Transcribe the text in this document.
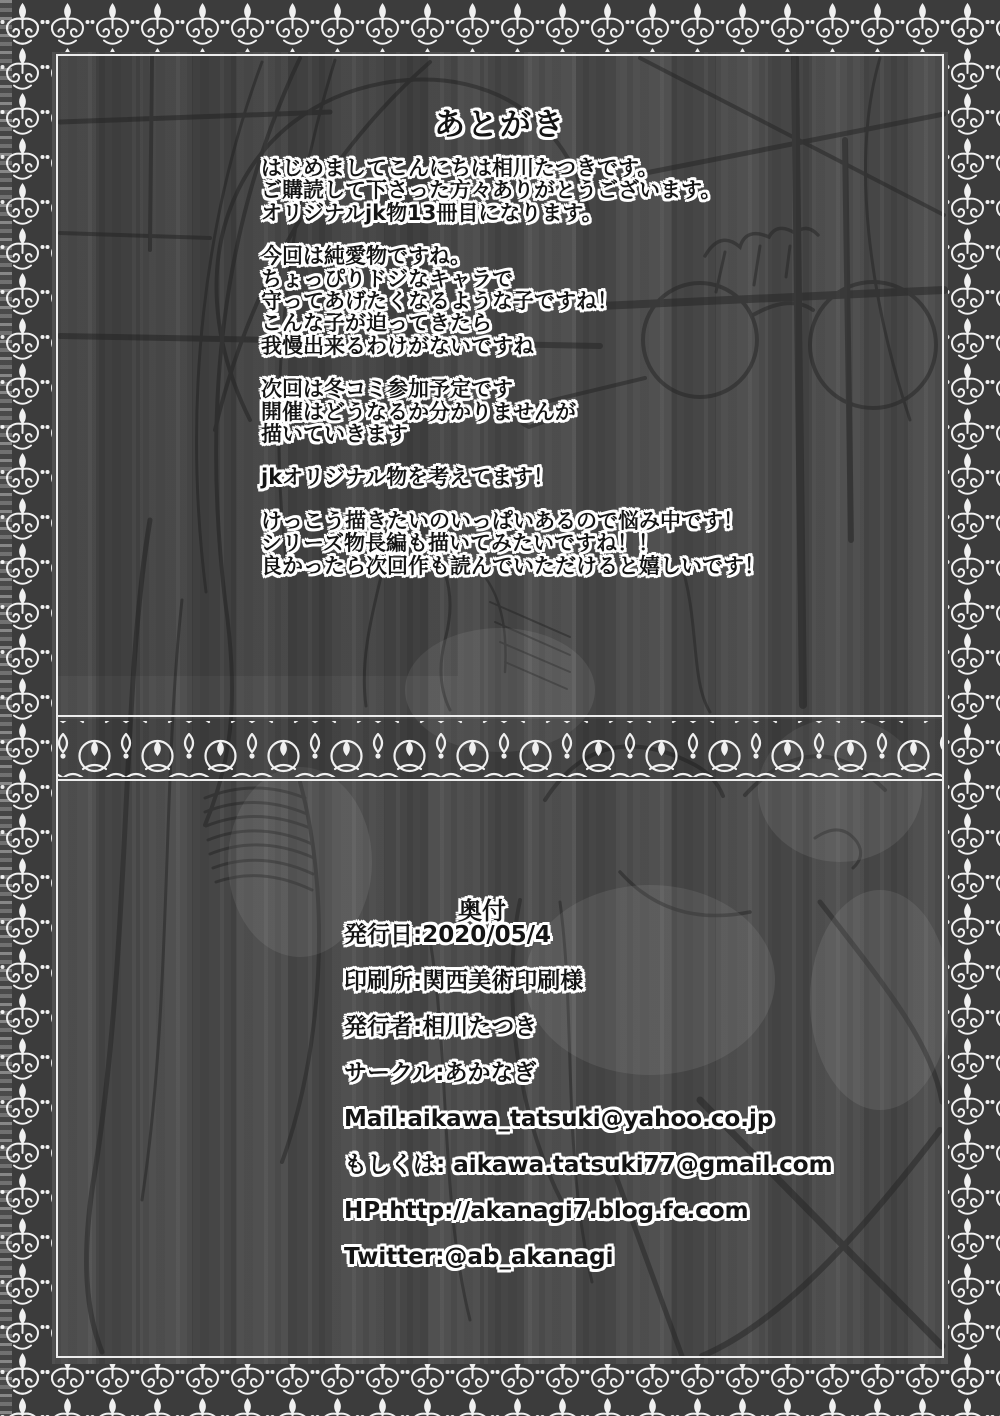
あとがき
はじめましてこんにちは相川たつきです。
ご購読して下さった方々ありがとうございます。
オリジナルjk物13冊目になります。
今回は純愛物ですね。
ちょっぴりドジなキャラで
守ってあげたくなるような子ですね！
こんな子が迫ってきたら
我慢出来るわけがないですね
次回は冬コミ参加予定です
開催はどうなるか分かりませんが
描いていきます
jkオリジナル物を考えてます！
けっこう描きたいのいっぱいあるので悩み中です！
シリーズ物長編も描いてみたいですね！！
良かったら次回作も読んでいただけると嬉しいです！
奥付
発行日:2020/05/4
印刷所:関西美術印刷様
発行者:相川たつき
サークル:あかなぎ
Mail:aikawa_tatsuki@yahoo.co.jp
もしくは: aikawa.tatsuki77@gmail.com
HP:http://akanagi7.blog.fc.com
Twitter:@ab_akanagi
